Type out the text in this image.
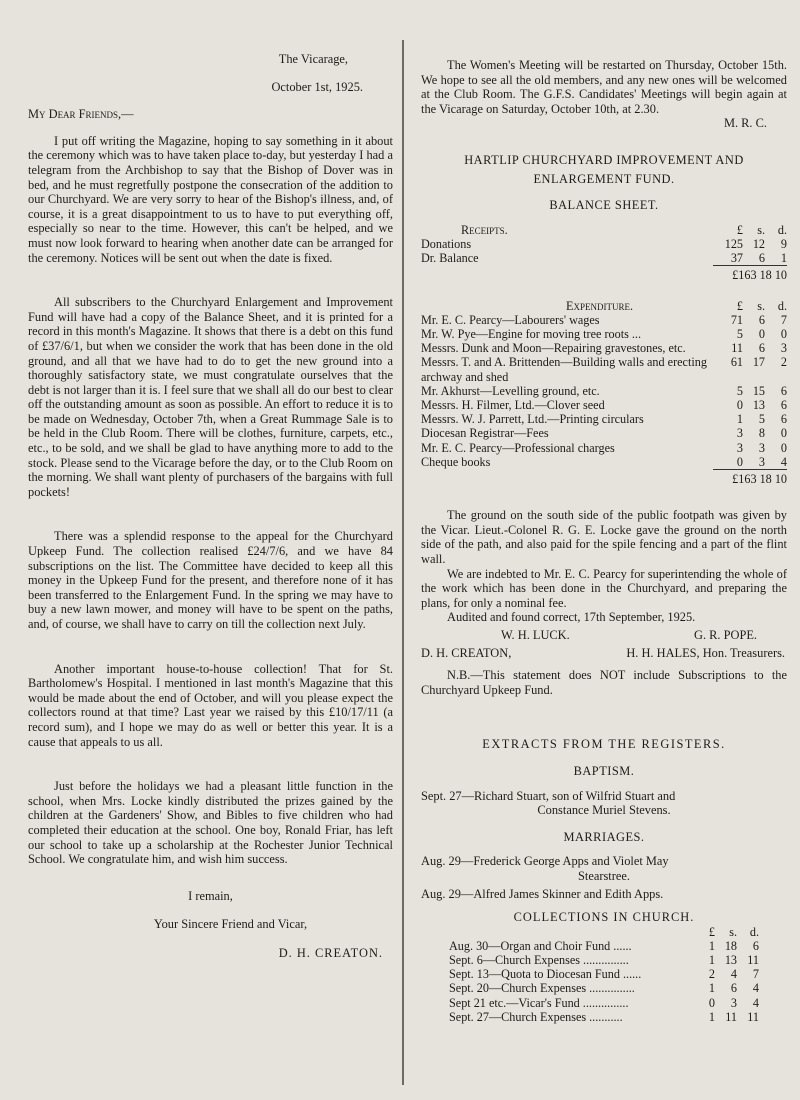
The Vicarage,
October 1st, 1925.
My Dear Friends,—

I put off writing the Magazine, hoping to say something in it about the ceremony which was to have taken place to-day, but yesterday I had a telegram from the Archbishop to say that the Bishop of Dover was in bed, and he must regretfully postpone the consecration of the addition to our Churchyard. We are very sorry to hear of the Bishop's illness, and, of course, it is a great disappointment to us to have to put everything off, especially so near to the time. However, this can't be helped, and we must now look forward to hearing when another date can be arranged for the ceremony. Notices will be sent out when the date is fixed.

All subscribers to the Churchyard Enlargement and Improvement Fund will have had a copy of the Balance Sheet, and it is printed for a record in this month's Magazine. It shows that there is a debt on this fund of £37/6/1, but when we consider the work that has been done in the old ground, and all that we have had to do to get the new ground into a thoroughly satisfactory state, we must congratulate ourselves that the debt is not larger than it is. I feel sure that we shall all do our best to clear off the outstanding amount as soon as possible. An effort to reduce it is to be made on Wednesday, October 7th, when a Great Rummage Sale is to be held in the Club Room. There will be clothes, furniture, carpets, etc., etc., to be sold, and we shall be glad to have anything more to add to the stock. Please send to the Vicarage before the day, or to the Club Room on the morning. We shall want plenty of purchasers of the bargains with full pockets!

There was a splendid response to the appeal for the Churchyard Upkeep Fund. The collection realised £24/7/6, and we have 84 subscriptions on the list. The Committee have decided to keep all this money in the Upkeep Fund for the present, and therefore none of it has been transferred to the Enlargement Fund. In the spring we may have to buy a new lawn mower, and money will have to be spent on the paths, and, of course, we shall have to carry on till the collection next July.

Another important house-to-house collection! That for St. Bartholomew's Hospital. I mentioned in last month's Magazine that this would be made about the end of October, and will you please expect the collectors round at that time? Last year we raised by this £10/17/11 (a record sum), and I hope we may do as well or better this year. It is a cause that appeals to us all.

Just before the holidays we had a pleasant little function in the school, when Mrs. Locke kindly distributed the prizes gained by the children at the Gardeners' Show, and Bibles to five children who had completed their education at the school. One boy, Ronald Friar, has left our school to take up a scholarship at the Rochester Junior Technical School. We congratulate him, and wish him success.

I remain,
Your Sincere Friend and Vicar,
D. H. CREATON.

The Women's Meeting will be restarted on Thursday, October 15th. We hope to see all the old members, and any new ones will be welcomed at the Club Room. The G.F.S. Candidates' Meetings will begin again at the Vicarage on Saturday, October 10th, at 2.30.

M. R. C.
HARTLIP CHURCHYARD IMPROVEMENT AND
ENLARGEMENT FUND.
BALANCE SHEET.
Receipts.	£	s.	d.
Donations	125	12	9
Dr. Balance	37	6	1

	£163 18 10		
Expenditure.	£	s.	d.
Mr. E. C. Pearcy—Labourers' wages	71	6	7
Mr. W. Pye—Engine for moving tree roots ...	5	0	0
Messrs. Dunk and Moon—Repairing gravestones, etc.	11	6	3
Messrs. T. and A. Brittenden—Building walls and erecting archway and shed	61	17	2
Mr. Akhurst—Levelling ground, etc.	5	15	6
Messrs. H. Filmer, Ltd.—Clover seed	0	13	6
Messrs. W. J. Parrett, Ltd.—Printing circulars	1	5	6
Diocesan Registrar—Fees	3	8	0
Mr. E. C. Pearcy—Professional charges	3	3	0
Cheque books	0	3	4

	£163 18 10		

The ground on the south side of the public footpath was given by the Vicar. Lieut.-Colonel R. G. E. Locke gave the ground on the north side of the path, and also paid for the spile fencing and a part of the flint wall.

We are indebted to Mr. E. C. Pearcy for superintending the whole of the work which has been done in the Churchyard, and preparing the plans, for only a nominal fee.

Audited and found correct, 17th September, 1925.

W. H. LUCK.	G. R. POPE.
D. H. CREATON,	H. H. HALES, Hon. Treasurers.

N.B.—This statement does NOT include Subscriptions to the Churchyard Upkeep Fund.

EXTRACTS FROM THE REGISTERS.
BAPTISM.
Sept. 27—Richard Stuart, son of Wilfrid Stuart and
Constance Muriel Stevens.
MARRIAGES.
Aug. 29—Frederick George Apps and Violet May
Stearstree.
Aug. 29—Alfred James Skinner and Edith Apps.
COLLECTIONS IN CHURCH.
	£	s.	d.
Aug. 30—Organ and Choir Fund ......	1	18	6
Sept. 6—Church Expenses ...............	1	13	11
Sept. 13—Quota to Diocesan Fund ......	2	4	7
Sept. 20—Church Expenses ...............	1	6	4
Sept 21 etc.—Vicar's Fund ...............	0	3	4
Sept. 27—Church Expenses ...........	1	11	11
